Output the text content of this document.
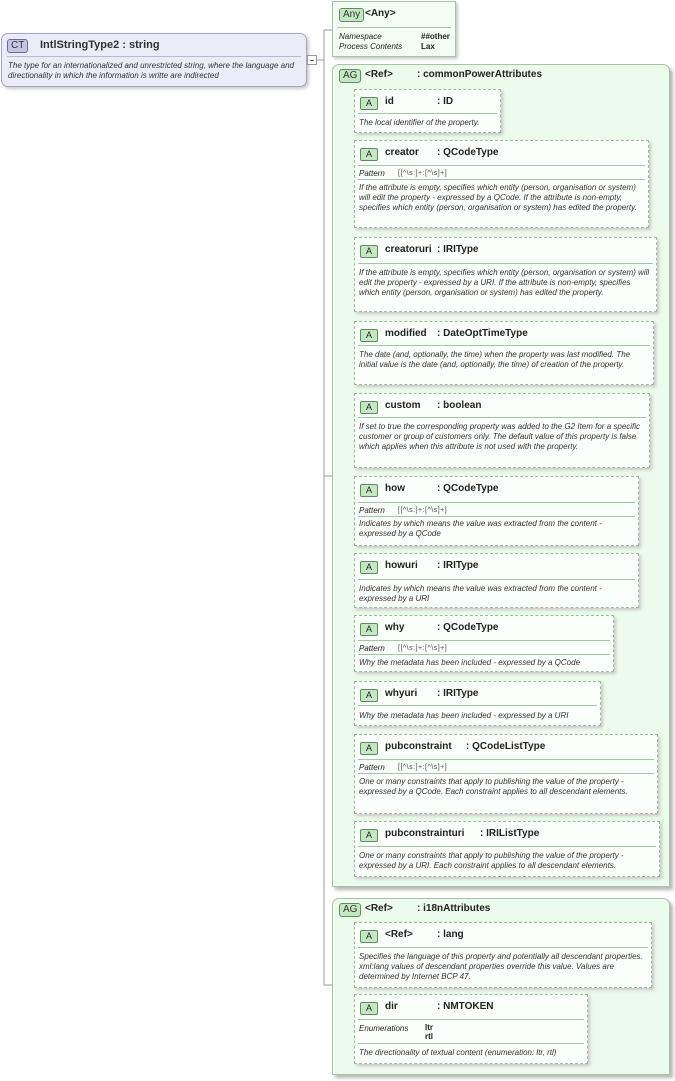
CT	IntlStringType2 : string
The type for an internationalized and unrestricted string, where the language and directionality in which the information is writte are indirected
Any <Any>
Namespace	##other
Process Contents Lax
AG <Ref> : commonPowerAttributes
A	id	: ID
The local identifier of the property.
A	creator : QCodeType
Pattern [[^\s:]+:[^\s]+]
If the attribute is empty, specifies which entity (person, organisation or system) will edit the property - expressed by a QCode. If the attribute is non-empty, specifies which entity (person, organisation or system) has edited the property.
A	creatoruri : IRIType
If the attribute is empty, specifies which entity (person, organisation or system) will edit the property - expressed by a URI. If the attribute is non-empty, specifies which entity (person, organisation or system) has edited the property.
A	modified : DateOptTimeType
The date (and, optionally, the time) when the property was last modified. The initial value is the date (and, optionally, the time) of creation of the property.
A	custom : boolean
If set to true the corresponding property was added to the G2 Item for a specific customer or group of customers only. The default value of this property is false which applies when this attribute is not used with the property.
A	how	: QCodeType
Pattern [[^\s:]+:[^\s]+]
Indicates by which means the value was extracted from the content - expressed by a QCode
A	howuri : IRIType
Indicates by which means the value was extracted from the content - expressed by a URI
A	why	: QCodeType
Pattern [[^\s:]+:[^\s]+]
Why the metadata has been included - expressed by a QCode
A	whyuri : IRIType
Why the metadata has been included - expressed by a URI
A	pubconstraint : QCodeListType
Pattern [[^\s:]+:[^\s]+]
One or many constraints that apply to publishing the value of the property - expressed by a QCode. Each constraint applies to all descendant elements.
A	pubconstrainturi : IRIListType
One or many constraints that apply to publishing the value of the property - expressed by a URI. Each constraint applies to all descendant elements.
AG <Ref> : i18nAttributes
A	<Ref> : lang
Specifies the language of this property and potentially all descendant properties. xml:lang values of descendant properties override this value. Values are determined by Internet BCP 47.
A	dir	: NMTOKEN
Enumerations ltr
rtl
The directionality of textual content (enumeration: ltr, rtl)
